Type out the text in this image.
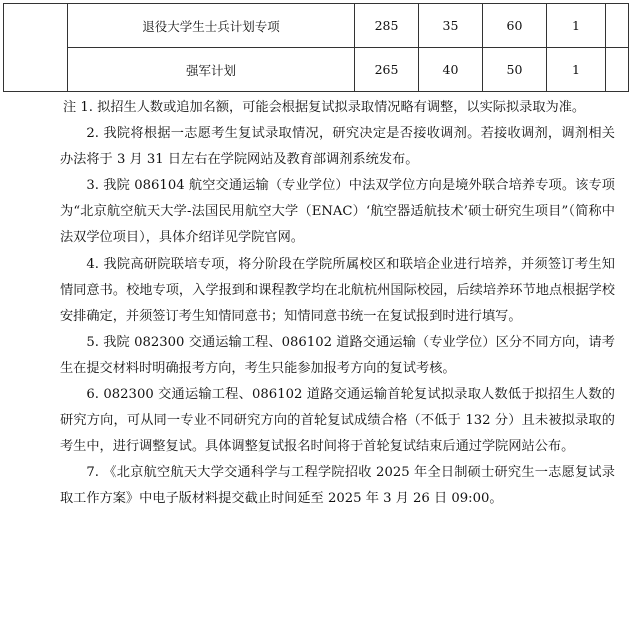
	退役大学生士兵计划专项	285	35	60	1	
	强军计划	265	40	50	1	

注 1. 拟招生人数或追加名额，可能会根据复试拟录取情况略有调整，以实际拟录取为准。

2. 我院将根据一志愿考生复试录取情况，研究决定是否接收调剂。若接收调剂，调剂相关办法将于 3 月 31 日左右在学院网站及教育部调剂系统发布。

3. 我院 086104 航空交通运输（专业学位）中法双学位方向是境外联合培养专项。该专项为“北京航空航天大学-法国民用航空大学（ENAC）‘航空器适航技术’硕士研究生项目”（简称中法双学位项目），具体介绍详见学院官网。

4. 我院高研院联培专项，将分阶段在学院所属校区和联培企业进行培养，并须签订考生知情同意书。校地专项，入学报到和课程教学均在北航杭州国际校园，后续培养环节地点根据学校安排确定，并须签订考生知情同意书；知情同意书统一在复试报到时进行填写。

5. 我院 082300 交通运输工程、086102 道路交通运输（专业学位）区分不同方向，请考生在提交材料时明确报考方向，考生只能参加报考方向的复试考核。

6. 082300 交通运输工程、086102 道路交通运输首轮复试拟录取人数低于拟招生人数的研究方向，可从同一专业不同研究方向的首轮复试成绩合格（不低于 132 分）且未被拟录取的考生中，进行调整复试。具体调整复试报名时间将于首轮复试结束后通过学院网站公布。

7. 《北京航空航天大学交通科学与工程学院招收 2025 年全日制硕士研究生一志愿复试录取工作方案》中电子版材料提交截止时间延至 2025 年 3 月 26 日 09:00。
